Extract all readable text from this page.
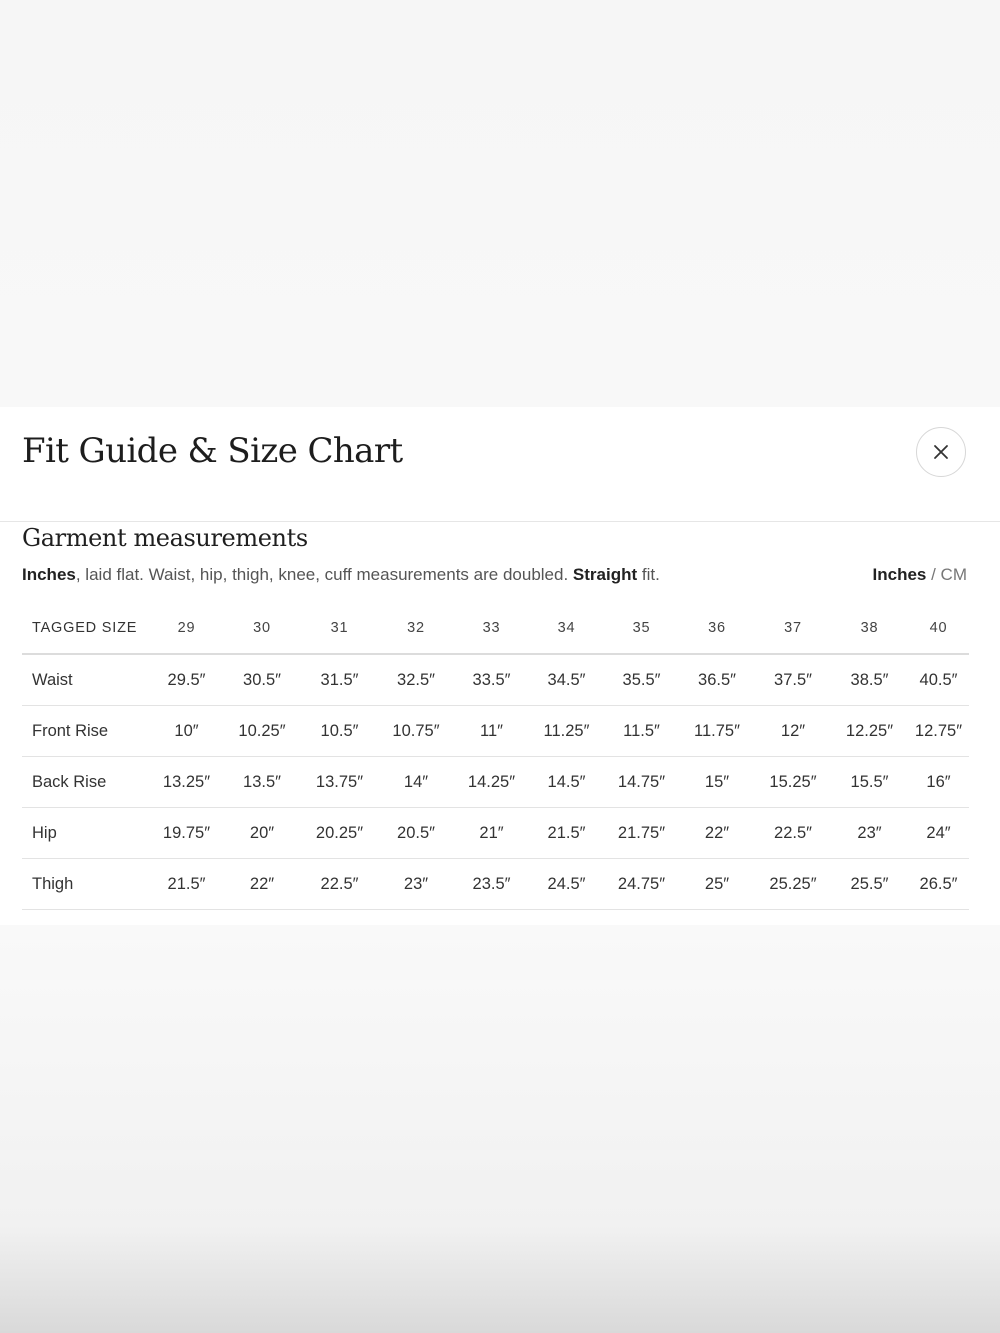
Fit Guide & Size Chart
Garment measurements
Inches, laid flat. Waist, hip, thigh, knee, cuff measurements are doubled. Straight fit.	Inches / CM
TAGGED SIZE	29	30	31	32	33	34	35	36	37	38	40
Waist	29.5″	30.5″	31.5″	32.5″	33.5″	34.5″	35.5″	36.5″	37.5″	38.5″	40.5″
Front Rise	10″	10.25″	10.5″	10.75″	11″	11.25″	11.5″	11.75″	12″	12.25″	12.75″
Back Rise	13.25″	13.5″	13.75″	14″	14.25″	14.5″	14.75″	15″	15.25″	15.5″	16″
Hip	19.75″	20″	20.25″	20.5″	21″	21.5″	21.75″	22″	22.5″	23″	24″
Thigh	21.5″	22″	22.5″	23″	23.5″	24.5″	24.75″	25″	25.25″	25.5″	26.5″
